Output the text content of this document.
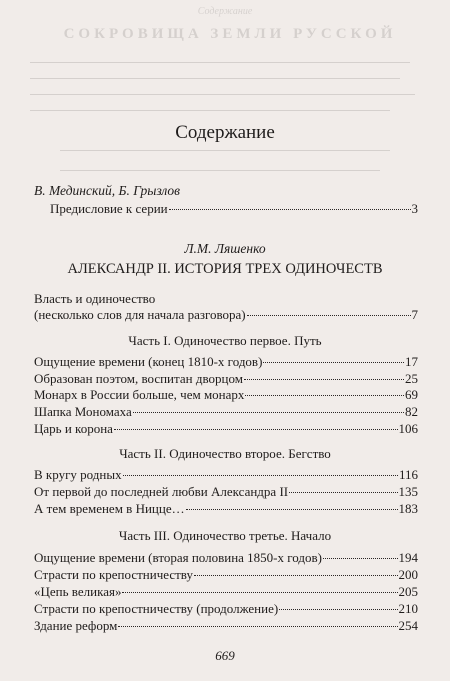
Содержание
СОКРОВИЩА ЗЕМЛИ РУССКОЙ
Содержание
В. Мединский, Б. Грызлов
Предисловие к серии	3
Л.М. Ляшенко
АЛЕКСАНДР II. ИСТОРИЯ ТРЕХ ОДИНОЧЕСТВ
Власть и одиночество
(несколько слов для начала разговора)	7
Часть I. Одиночество первое. Путь
Ощущение времени (конец 1810-х годов)	17
Образован поэтом, воспитан дворцом	25
Монарх в России больше, чем монарх	69
Шапка Мономаха	82
Царь и корона	106
Часть II. Одиночество второе. Бегство
В кругу родных	116
От первой до последней любви Александра II	135
А тем временем в Ницце…	183
Часть III. Одиночество третье. Начало
Ощущение времени (вторая половина 1850-х годов)	194
Страсти по крепостничеству	200
«Цепь великая»	205
Страсти по крепостничеству (продолжение)	210
Здание реформ	254
669
